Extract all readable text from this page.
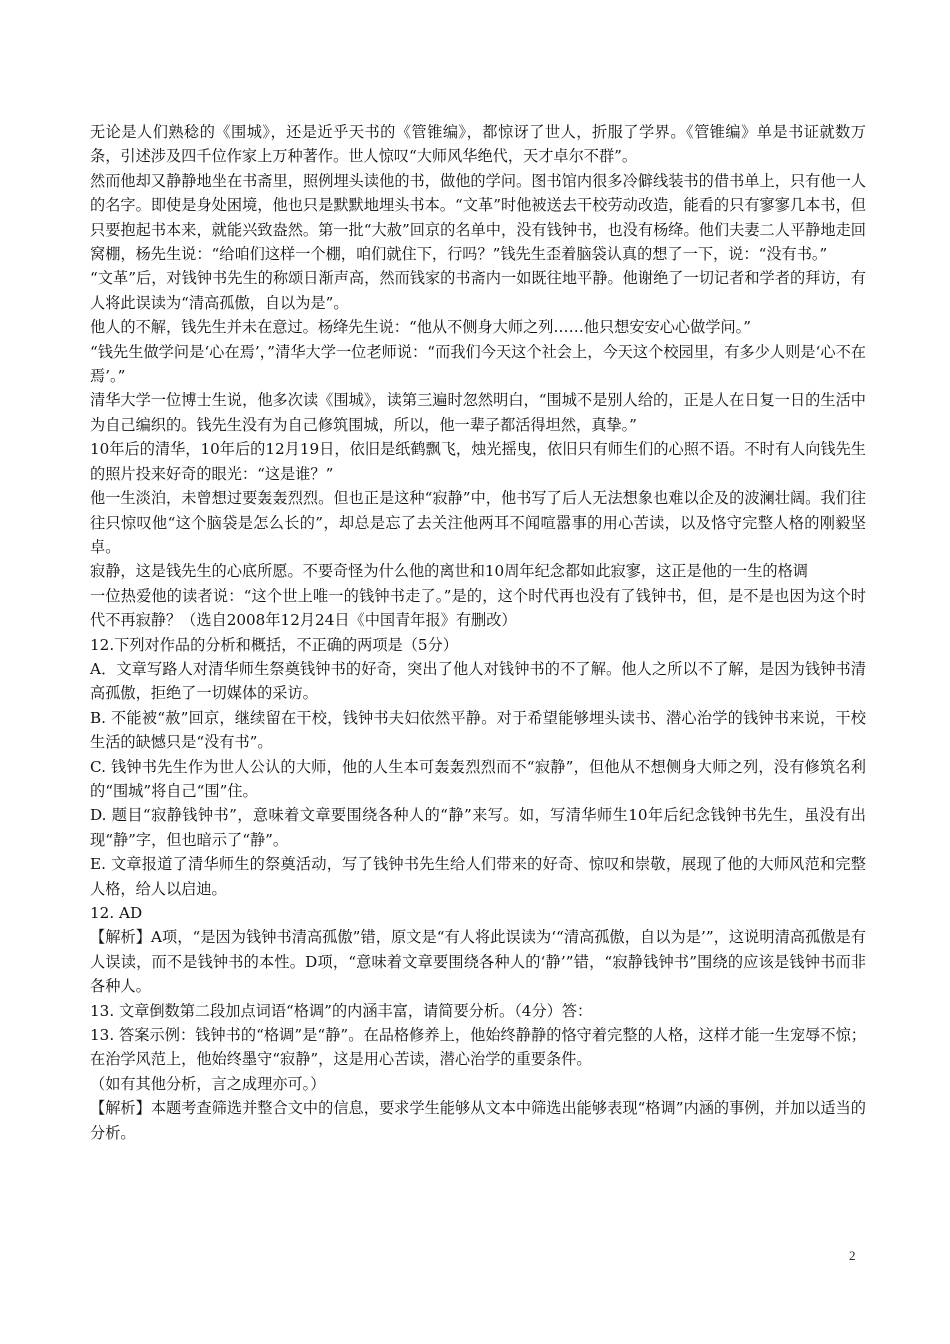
无论是人们熟稔的《围城》，还是近乎天书的《管锥编》，都惊讶了世人，折服了学界。《管锥编》单是书证就数万条，引述涉及四千位作家上万种著作。世人惊叹“大师风华绝代，天才卓尔不群”。

然而他却又静静地坐在书斋里，照例埋头读他的书，做他的学问。图书馆内很多冷僻线装书的借书单上，只有他一人的名字。即使是身处困境，他也只是默默地埋头书本。“文革”时他被送去干校劳动改造，能看的只有寥寥几本书，但只要抱起书本来，就能兴致盎然。第一批“大赦”回京的名单中，没有钱钟书，也没有杨绛。他们夫妻二人平静地走回窝棚，杨先生说：“给咱们这样一个棚，咱们就住下，行吗？”钱先生歪着脑袋认真的想了一下，说：“没有书。”

“文革”后，对钱钟书先生的称颂日渐声高，然而钱家的书斋内一如既往地平静。他谢绝了一切记者和学者的拜访，有人将此误读为“清高孤傲，自以为是”。

他人的不解，钱先生并未在意过。杨绛先生说：“他从不侧身大师之列……他只想安安心心做学问。”

“钱先生做学问是‘心在焉’，”清华大学一位老师说：“而我们今天这个社会上，今天这个校园里，有多少人则是‘心不在焉’。”

清华大学一位博士生说，他多次读《围城》，读第三遍时忽然明白，“围城不是别人给的，正是人在日复一日的生活中为自己编织的。钱先生没有为自己修筑围城，所以，他一辈子都活得坦然，真挚。”

10年后的清华，10年后的12月19日，依旧是纸鹤飘飞，烛光摇曳，依旧只有师生们的心照不语。不时有人向钱先生的照片投来好奇的眼光：“这是谁？”

他一生淡泊，未曾想过要轰轰烈烈。但也正是这种“寂静”中，他书写了后人无法想象也难以企及的波澜壮阔。我们往往只惊叹他“这个脑袋是怎么长的”，却总是忘了去关注他两耳不闻喧嚣事的用心苦读，以及恪守完整人格的刚毅坚卓。

寂静，这是钱先生的心底所愿。不要奇怪为什么他的离世和10周年纪念都如此寂寥，这正是他的一生的格调

一位热爱他的读者说：“这个世上唯一的钱钟书走了。”是的，这个时代再也没有了钱钟书，但，是不是也因为这个时代不再寂静？（选自2008年12月24日《中国青年报》有删改）

12.下列对作品的分析和概括，不正确的两项是（5分）

A．文章写路人对清华师生祭奠钱钟书的好奇，突出了他人对钱钟书的不了解。他人之所以不了解，是因为钱钟书清高孤傲，拒绝了一切媒体的采访。

B. 不能被“赦”回京，继续留在干校，钱钟书夫妇依然平静。对于希望能够埋头读书、潜心治学的钱钟书来说，干校生活的缺憾只是“没有书”。

C. 钱钟书先生作为世人公认的大师，他的人生本可轰轰烈烈而不“寂静”，但他从不想侧身大师之列，没有修筑名利的“围城”将自己“围”住。

D. 题目“寂静钱钟书”，意味着文章要围绕各种人的“静”来写。如，写清华师生10年后纪念钱钟书先生，虽没有出现“静”字，但也暗示了“静”。

E. 文章报道了清华师生的祭奠活动，写了钱钟书先生给人们带来的好奇、惊叹和崇敬，展现了他的大师风范和完整人格，给人以启迪。

12. AD

【解析】A项，“是因为钱钟书清高孤傲”错，原文是“有人将此误读为‘“清高孤傲，自以为是’”，这说明清高孤傲是有人误读，而不是钱钟书的本性。D项，“意味着文章要围绕各种人的‘静’”错，“寂静钱钟书”围绕的应该是钱钟书而非各种人。

13. 文章倒数第二段加点词语“格调”的内涵丰富，请简要分析。（4分）答：

13. 答案示例：钱钟书的“格调”是“静”。在品格修养上，他始终静静的恪守着完整的人格，这样才能一生宠辱不惊；在治学风范上，他始终墨守“寂静”，这是用心苦读，潜心治学的重要条件。

（如有其他分析，言之成理亦可。）

【解析】本题考查筛选并整合文中的信息，要求学生能够从文本中筛选出能够表现“格调”内涵的事例，并加以适当的分析。

2
